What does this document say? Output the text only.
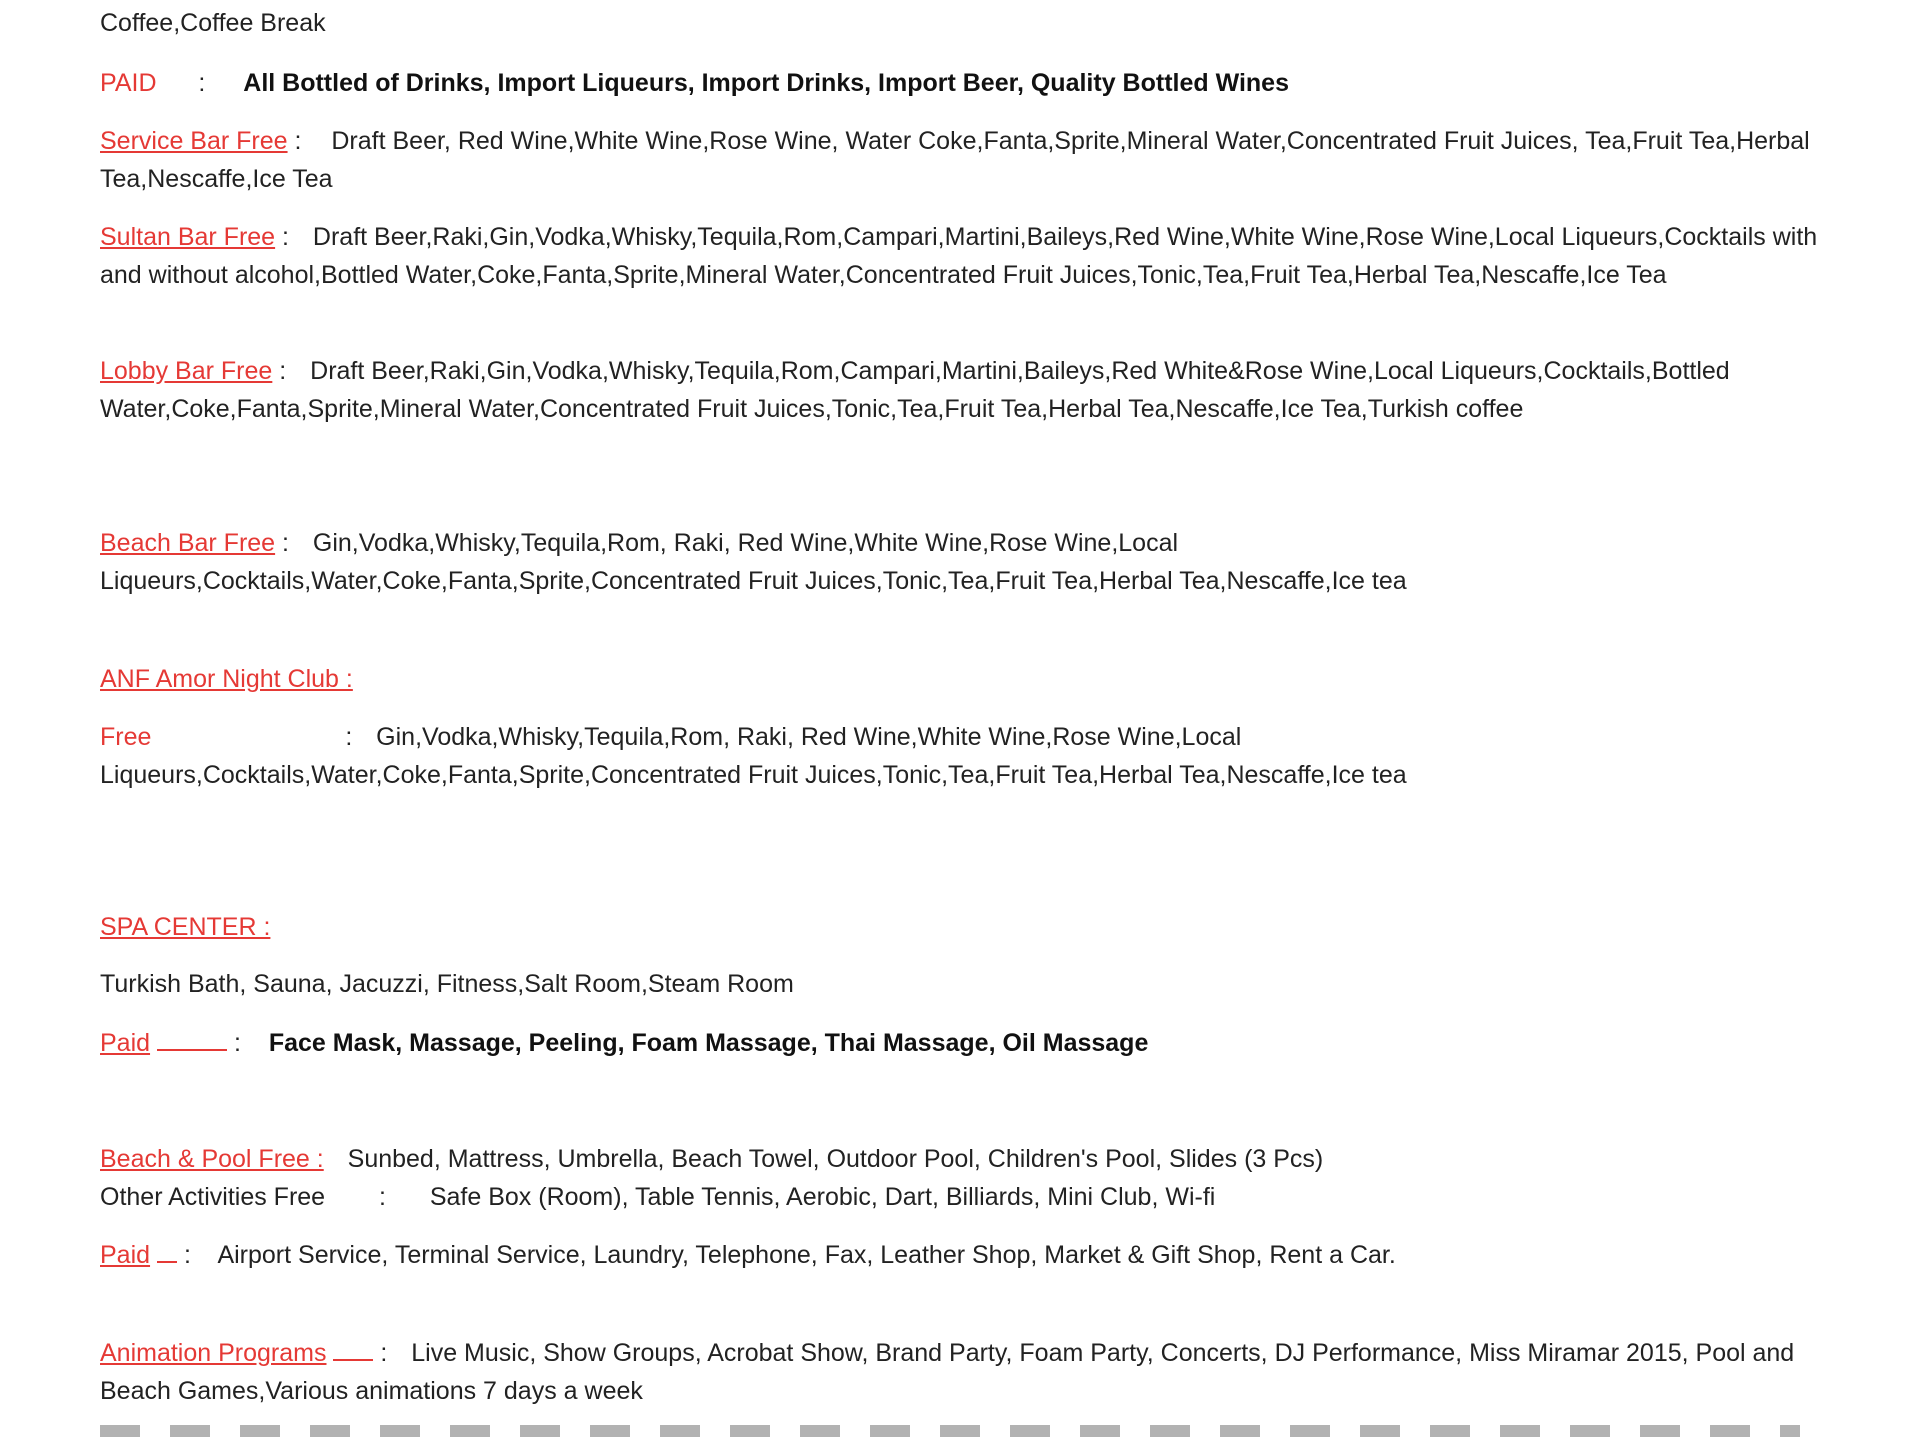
Coffee,Coffee Break
PAID : All Bottled of Drinks, Import Liqueurs, Import Drinks, Import Beer, Quality Bottled Wines
Service Bar Free : Draft Beer, Red Wine,White Wine,Rose Wine, Water Coke,Fanta,Sprite,Mineral Water,Concentrated Fruit Juices, Tea,Fruit Tea,Herbal Tea,Nescaffe,Ice Tea
Sultan Bar Free : Draft Beer,Raki,Gin,Vodka,Whisky,Tequila,Rom,Campari,Martini,Baileys,Red Wine,White Wine,Rose Wine,Local Liqueurs,Cocktails with and without alcohol,Bottled Water,Coke,Fanta,Sprite,Mineral Water,Concentrated Fruit Juices,Tonic,Tea,Fruit Tea,Herbal Tea,Nescaffe,Ice Tea
Lobby Bar Free : Draft Beer,Raki,Gin,Vodka,Whisky,Tequila,Rom,Campari,Martini,Baileys,Red White&Rose Wine,Local Liqueurs,Cocktails,Bottled Water,Coke,Fanta,Sprite,Mineral Water,Concentrated Fruit Juices,Tonic,Tea,Fruit Tea,Herbal Tea,Nescaffe,Ice Tea,Turkish coffee
Beach Bar Free : Gin,Vodka,Whisky,Tequila,Rom, Raki, Red Wine,White Wine,Rose Wine,Local Liqueurs,Cocktails,Water,Coke,Fanta,Sprite,Concentrated Fruit Juices,Tonic,Tea,Fruit Tea,Herbal Tea,Nescaffe,Ice tea
ANF Amor Night Club :
Free	: Gin,Vodka,Whisky,Tequila,Rom, Raki, Red Wine,White Wine,Rose Wine,Local Liqueurs,Cocktails,Water,Coke,Fanta,Sprite,Concentrated Fruit Juices,Tonic,Tea,Fruit Tea,Herbal Tea,Nescaffe,Ice tea
SPA CENTER :
Turkish Bath, Sauna, Jacuzzi, Fitness,Salt Room,Steam Room
Paid	: Face Mask, Massage, Peeling, Foam Massage, Thai Massage, Oil Massage
Beach & Pool Free : Sunbed, Mattress, Umbrella, Beach Towel, Outdoor Pool, Children's Pool, Slides (3 Pcs)
Other Activities Free : Safe Box (Room), Table Tennis, Aerobic, Dart, Billiards, Mini Club, Wi-fi
Paid : Airport Service, Terminal Service, Laundry, Telephone, Fax, Leather Shop, Market & Gift Shop, Rent a Car.
Animation Programs : Live Music, Show Groups, Acrobat Show, Brand Party, Foam Party, Concerts, DJ Performance, Miss Miramar 2015, Pool and Beach Games,Various animations 7 days a week
